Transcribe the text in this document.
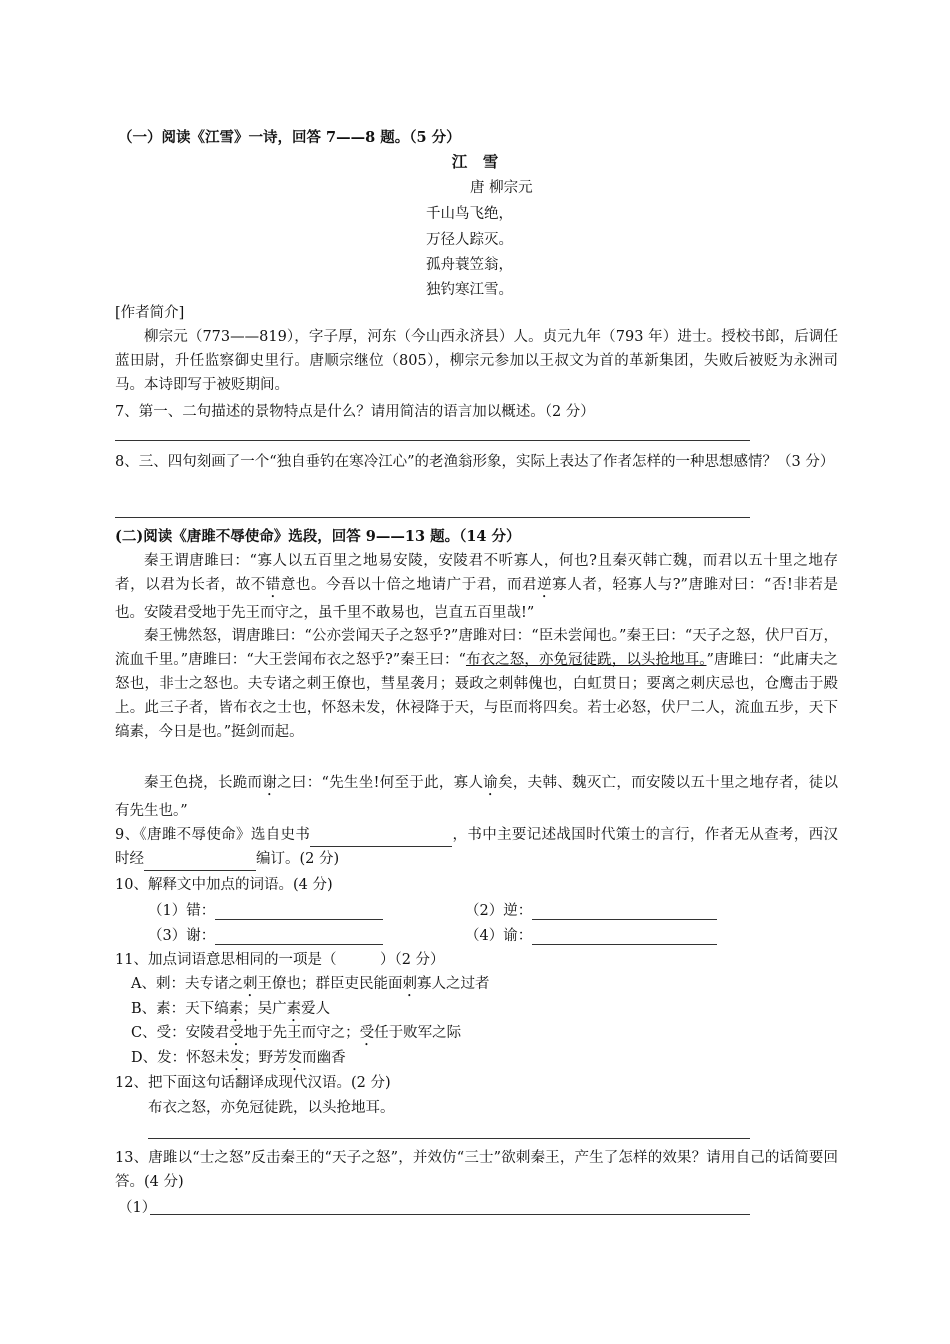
（一）阅读《江雪》一诗，回答 7——8 题。（5 分）
江　雪
唐 柳宗元
千山鸟飞绝，
万径人踪灭。
孤舟蓑笠翁，
独钓寒江雪。
[作者简介]
柳宗元（773——819），字子厚，河东（今山西永济县）人。贞元九年（793 年）进士。授校书郎，后调任蓝田尉，升任监察御史里行。唐顺宗继位（805），柳宗元参加以王叔文为首的革新集团，失败后被贬为永洲司马。本诗即写于被贬期间。
7、第一、二句描述的景物特点是什么？请用简洁的语言加以概述。（2 分）
8、三、四句刻画了一个“独自垂钓在寒冷江心”的老渔翁形象，实际上表达了作者怎样的一种思想感情？（3 分）
(二)阅读《唐雎不辱使命》选段，回答 9——13 题。（14 分）
秦王谓唐雎曰：“寡人以五百里之地易安陵，安陵君不听寡人，何也?且秦灭韩亡魏，而君以五十里之地存者，以君为长者，故不错意也。今吾以十倍之地请广于君，而君逆寡人者，轻寡人与?”唐雎对曰：“否!非若是也。安陵君受地于先王而守之，虽千里不敢易也，岂直五百里哉!”
秦王怫然怒，谓唐雎曰：“公亦尝闻天子之怒乎?”唐雎对曰：“臣未尝闻也。”秦王曰：“天子之怒，伏尸百万，流血千里。”唐雎曰：“大王尝闻布衣之怒乎?”秦王曰：“布衣之怒，亦免冠徒跣，以头抢地耳。”唐雎曰：“此庸夫之怒也，非士之怒也。夫专诸之刺王僚也，彗星袭月；聂政之刺韩傀也，白虹贯日；要离之刺庆忌也，仓鹰击于殿上。此三子者，皆布衣之士也，怀怒未发，休祲降于天，与臣而将四矣。若士必怒，伏尸二人，流血五步，天下缟素，今日是也。”挺剑而起。
秦王色挠，长跪而谢之曰：“先生坐!何至于此，寡人谕矣，夫韩、魏灭亡，而安陵以五十里之地存者，徒以有先生也。”
9、《唐雎不辱使命》选自史书	，书中主要记述战国时代策士的言行，作者无从查考，西汉时经	编订。(2 分)
10、解释文中加点的词语。(4 分)
（1）错：	（2）逆：
（3）谢：	（4）谕：
11、加点词语意思相同的一项是（　　　）（2 分）
A、刺：夫专诸之刺王僚也；群臣吏民能面刺寡人之过者
B、素：天下缟素；吴广素爱人
C、受：安陵君受地于先王而守之；受任于败军之际
D、发：怀怒未发；野芳发而幽香
12、把下面这句话翻译成现代汉语。(2 分)
布衣之怒，亦免冠徒跣，以头抢地耳。
13、唐雎以“士之怒”反击秦王的“天子之怒”，并效仿“三士”欲刺秦王，产生了怎样的效果？请用自己的话简要回答。(4 分)
（1）
